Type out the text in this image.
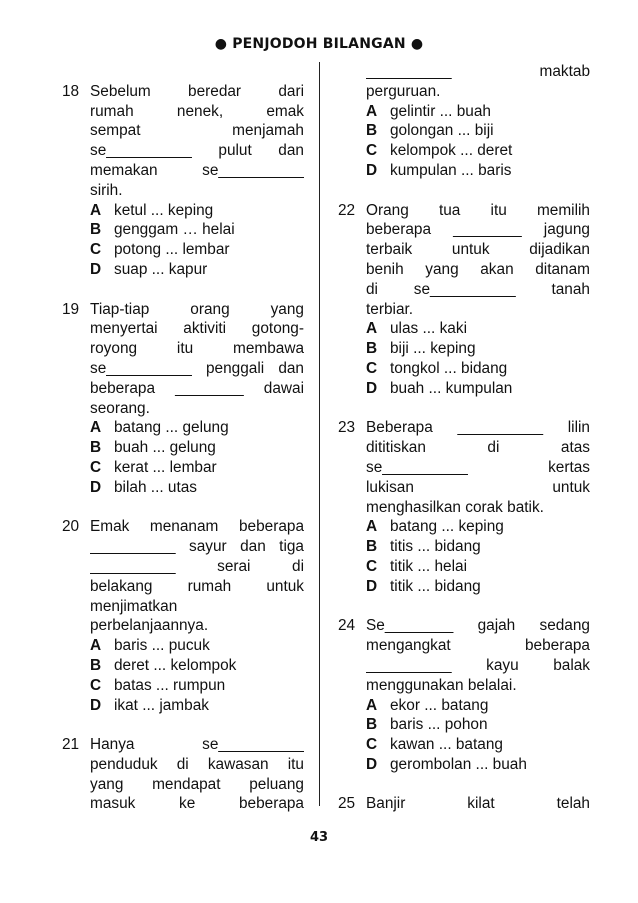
● PENJODOH BILANGAN ●
18 Sebelum beredar dari
rumah nenek, emak
sempat menjamah
se__________ pulut dan
memakan se__________
sirih.
A ketul ... keping
B genggam … helai
C potong ... lembar
D suap ... kapur
19 Tiap-tiap orang yang
menyertai aktiviti gotong-
royong itu membawa
se__________ penggali dan
beberapa ________ dawai
seorang.
A batang ... gelung
B buah ... gelung
C kerat ... lembar
D bilah ... utas
20 Emak menanam beberapa
__________ sayur dan tiga
__________ serai di
belakang rumah untuk
menjimatkan
perbelanjaannya.
A baris ... pucuk
B deret ... kelompok
C batas ... rumpun
D ikat ... jambak
21 Hanya se__________
penduduk di kawasan itu
yang mendapat peluang
masuk ke beberapa
__________ maktab
perguruan.
A gelintir ... buah
B golongan ... biji
C kelompok ... deret
D kumpulan ... baris
22 Orang tua itu memilih
beberapa ________ jagung
terbaik untuk dijadikan
benih yang akan ditanam
di se__________ tanah
terbiar.
A ulas ... kaki
B biji ... keping
C tongkol ... bidang
D buah ... kumpulan
23 Beberapa __________ lilin
dititiskan di atas
se__________ kertas
lukisan untuk
menghasilkan corak batik.
A batang ... keping
B titis ... bidang
C titik ... helai
D titik ... bidang
24 Se________ gajah sedang
mengangkat beberapa
__________ kayu balak
menggunakan belalai.
A ekor ... batang
B baris ... pohon
C kawan ... batang
D gerombolan ... buah
25 Banjir kilat telah
43
